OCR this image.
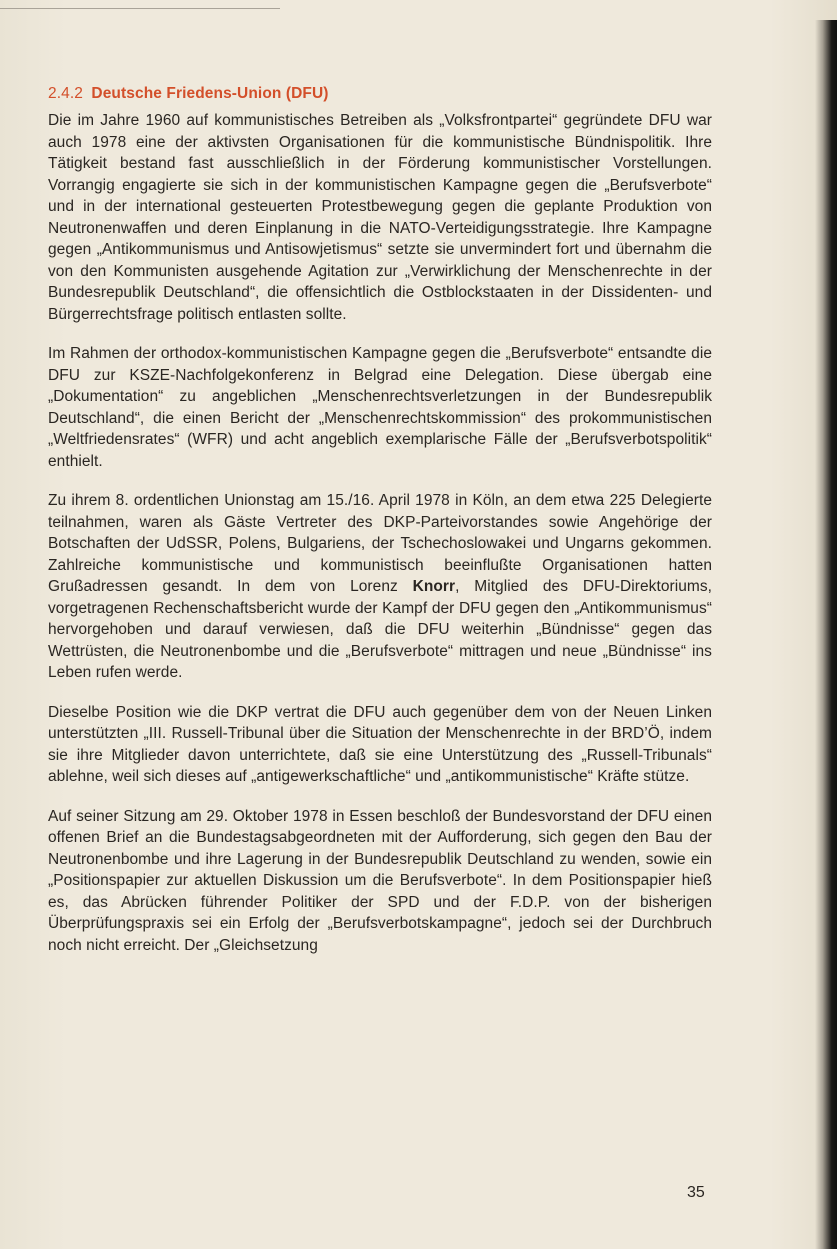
2.4.2 Deutsche Friedens-Union (DFU)

Die im Jahre 1960 auf kommunistisches Betreiben als „Volksfrontpartei“ gegründete DFU war auch 1978 eine der aktivsten Organisationen für die kommunistische Bündnispolitik. Ihre Tätigkeit bestand fast ausschließlich in der Förderung kommunistischer Vorstellungen. Vorrangig engagierte sie sich in der kommunistischen Kampagne gegen die „Berufsverbote“ und in der international gesteuerten Protestbewegung gegen die geplante Produktion von Neutronenwaffen und deren Einplanung in die NATO-Verteidigungsstrategie. Ihre Kampagne gegen „Antikommunismus und Antisowjetismus“ setzte sie unvermindert fort und übernahm die von den Kommunisten ausgehende Agitation zur „Verwirklichung der Menschenrechte in der Bundesrepublik Deutschland“, die offensichtlich die Ostblockstaaten in der Dissidenten- und Bürgerrechtsfrage politisch entlasten sollte.

Im Rahmen der orthodox-kommunistischen Kampagne gegen die „Berufsverbote“ entsandte die DFU zur KSZE-Nachfolgekonferenz in Belgrad eine Delegation. Diese übergab eine „Dokumentation“ zu angeblichen „Menschenrechtsverletzungen in der Bundesrepublik Deutschland“, die einen Bericht der „Menschenrechtskommission“ des prokommunistischen „Weltfriedensrates“ (WFR) und acht angeblich exemplarische Fälle der „Berufsverbotspolitik“ enthielt.

Zu ihrem 8. ordentlichen Unionstag am 15./16. April 1978 in Köln, an dem etwa 225 Delegierte teilnahmen, waren als Gäste Vertreter des DKP-Parteivorstandes sowie Angehörige der Botschaften der UdSSR, Polens, Bulgariens, der Tschechoslowakei und Ungarns gekommen. Zahlreiche kommunistische und kommunistisch beeinflußte Organisationen hatten Grußadressen gesandt. In dem von Lorenz Knorr, Mitglied des DFU-Direktoriums, vorgetragenen Rechenschaftsbericht wurde der Kampf der DFU gegen den „Antikommunismus“ hervorgehoben und darauf verwiesen, daß die DFU weiterhin „Bündnisse“ gegen das Wettrüsten, die Neutronenbombe und die „Berufsverbote“ mittragen und neue „Bündnisse“ ins Leben rufen werde.

Dieselbe Position wie die DKP vertrat die DFU auch gegenüber dem von der Neuen Linken unterstützten „III. Russell-Tribunal über die Situation der Menschenrechte in der BRD’Ö, indem sie ihre Mitglieder davon unterrichtete, daß sie eine Unterstützung des „Russell-Tribunals“ ablehne, weil sich dieses auf „antigewerkschaftliche“ und „antikommunistische“ Kräfte stütze.

Auf seiner Sitzung am 29. Oktober 1978 in Essen beschloß der Bundesvorstand der DFU einen offenen Brief an die Bundestagsabgeordneten mit der Aufforderung, sich gegen den Bau der Neutronenbombe und ihre Lagerung in der Bundesrepublik Deutschland zu wenden, sowie ein „Positionspapier zur aktuellen Diskussion um die Berufsverbote“. In dem Positionspapier hieß es, das Abrücken führender Politiker der SPD und der F.D.P. von der bisherigen Überprüfungspraxis sei ein Erfolg der „Berufsverbotskampagne“, jedoch sei der Durchbruch noch nicht erreicht. Der „Gleichsetzung

35
